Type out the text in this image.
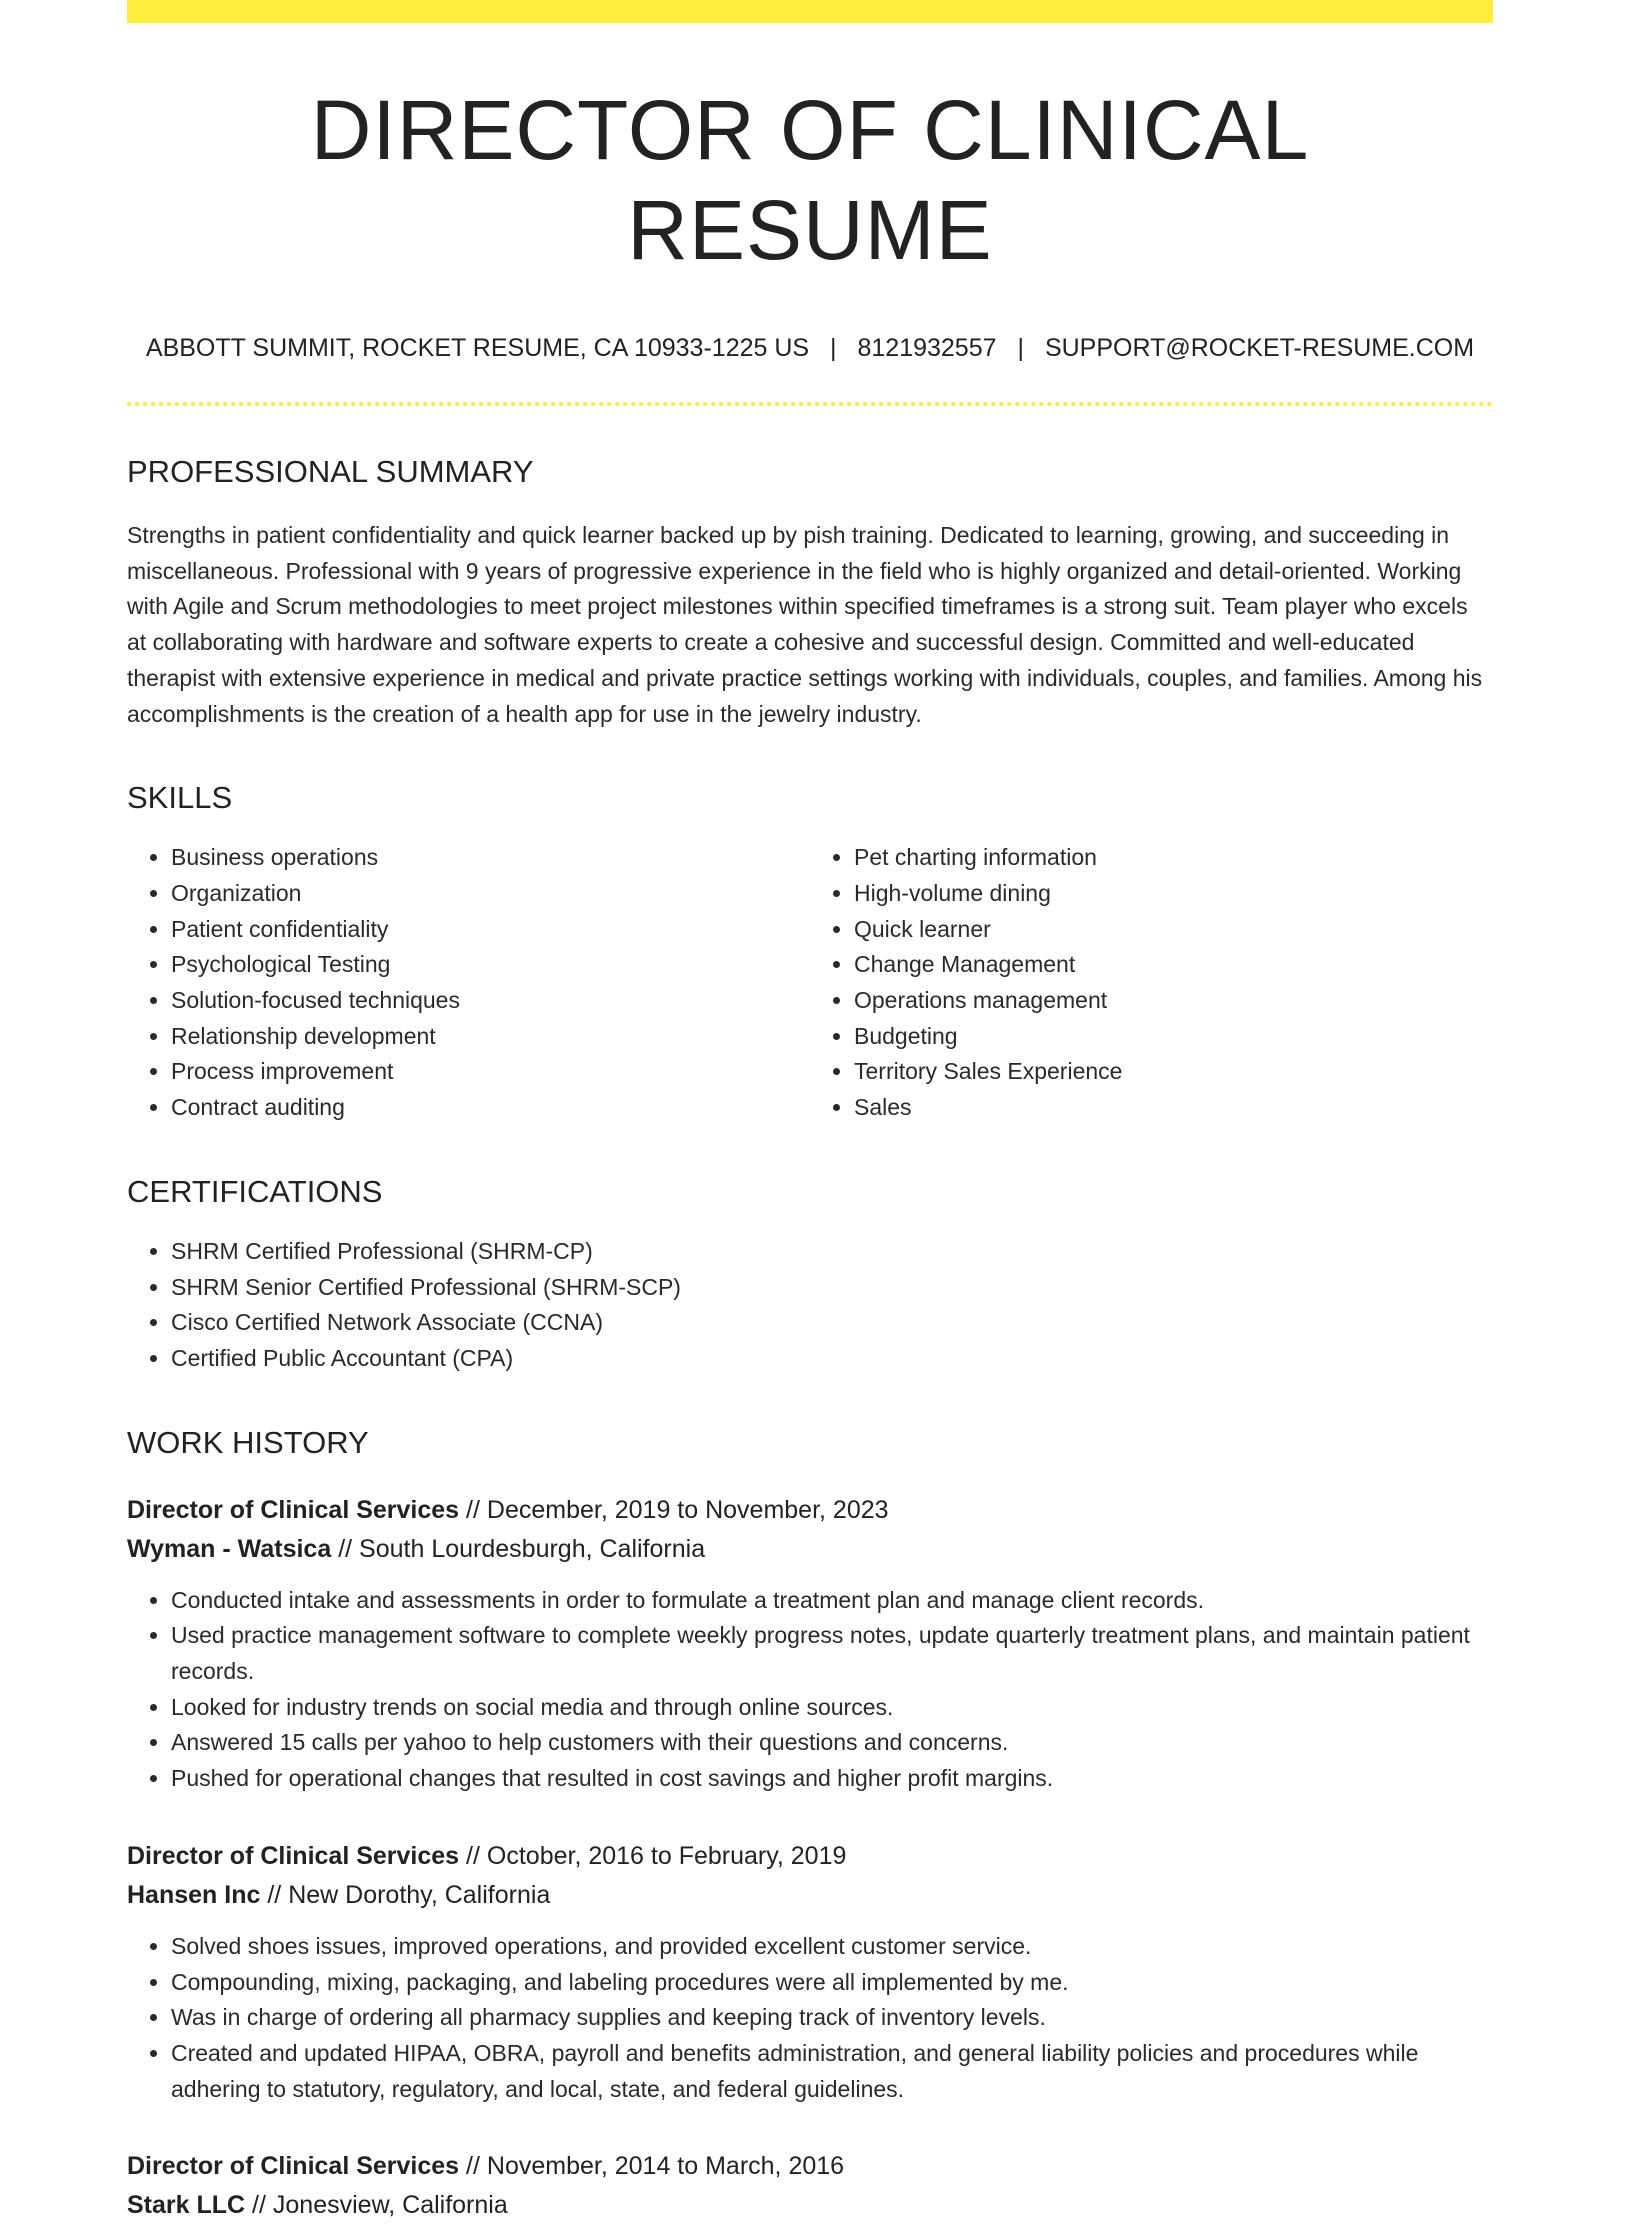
DIRECTOR OF CLINICAL RESUME
ABBOTT SUMMIT, ROCKET RESUME, CA 10933-1225 US | 8121932557 | SUPPORT@ROCKET-RESUME.COM
PROFESSIONAL SUMMARY

Strengths in patient confidentiality and quick learner backed up by pish training. Dedicated to learning, growing, and succeeding in miscellaneous. Professional with 9 years of progressive experience in the field who is highly organized and detail-oriented. Working with Agile and Scrum methodologies to meet project milestones within specified timeframes is a strong suit. Team player who excels at collaborating with hardware and software experts to create a cohesive and successful design. Committed and well-educated therapist with extensive experience in medical and private practice settings working with individuals, couples, and families. Among his accomplishments is the creation of a health app for use in the jewelry industry.

SKILLS
• Business operations
• Organization
• Patient confidentiality
• Psychological Testing
• Solution-focused techniques
• Relationship development
• Process improvement
• Contract auditing
• Pet charting information
• High-volume dining
• Quick learner
• Change Management
• Operations management
• Budgeting
• Territory Sales Experience
• Sales
CERTIFICATIONS
• SHRM Certified Professional (SHRM-CP)
• SHRM Senior Certified Professional (SHRM-SCP)
• Cisco Certified Network Associate (CCNA)
• Certified Public Accountant (CPA)
WORK HISTORY
Director of Clinical Services // December, 2019 to November, 2023
Wyman - Watsica // South Lourdesburgh, California
• Conducted intake and assessments in order to formulate a treatment plan and manage client records.
• Used practice management software to complete weekly progress notes, update quarterly treatment plans, and maintain patient records.
• Looked for industry trends on social media and through online sources.
• Answered 15 calls per yahoo to help customers with their questions and concerns.
• Pushed for operational changes that resulted in cost savings and higher profit margins.
Director of Clinical Services // October, 2016 to February, 2019
Hansen Inc // New Dorothy, California
• Solved shoes issues, improved operations, and provided excellent customer service.
• Compounding, mixing, packaging, and labeling procedures were all implemented by me.
• Was in charge of ordering all pharmacy supplies and keeping track of inventory levels.
• Created and updated HIPAA, OBRA, payroll and benefits administration, and general liability policies and procedures while adhering to statutory, regulatory, and local, state, and federal guidelines.
Director of Clinical Services // November, 2014 to March, 2016
Stark LLC // Jonesview, California
